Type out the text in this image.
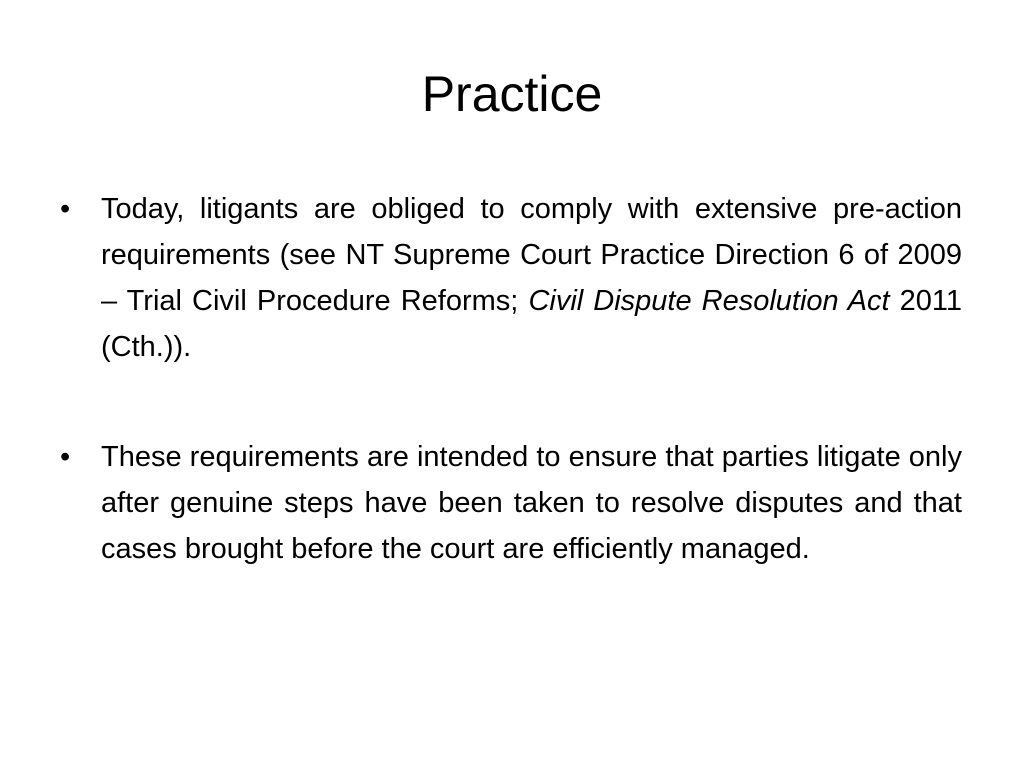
Practice
•	Today, litigants are obliged to comply with extensive pre-action requirements (see NT Supreme Court Practice Direction 6 of 2009 – Trial Civil Procedure Reforms; Civil Dispute Resolution Act 2011 (Cth.)).
•	These requirements are intended to ensure that parties litigate only after genuine steps have been taken to resolve disputes and that cases brought before the court are efficiently managed.
